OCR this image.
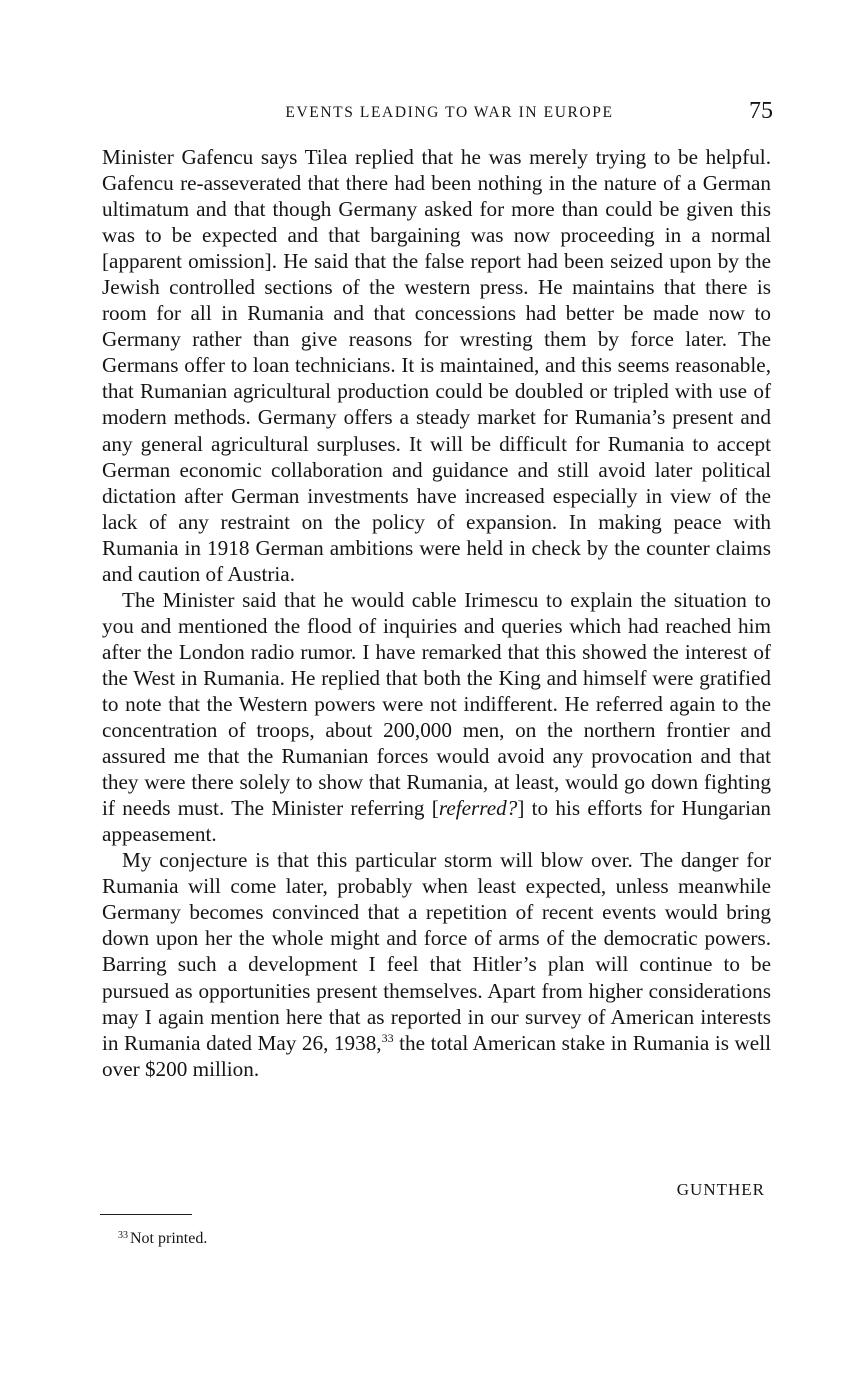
EVENTS LEADING TO WAR IN EUROPE	75

Minister Gafencu says Tilea replied that he was merely trying to be helpful. Gafencu re-asseverated that there had been nothing in the nature of a German ultimatum and that though Germany asked for more than could be given this was to be expected and that bargaining was now proceeding in a normal [apparent omission]. He said that the false report had been seized upon by the Jewish controlled sections of the western press. He maintains that there is room for all in Rumania and that concessions had better be made now to Germany rather than give reasons for wresting them by force later. The Germans offer to loan technicians. It is maintained, and this seems reasonable, that Rumanian agricultural production could be doubled or tripled with use of modern methods. Germany offers a steady market for Rumania’s present and any general agricultural surpluses. It will be difficult for Rumania to accept German economic collaboration and guidance and still avoid later political dictation after German investments have increased especially in view of the lack of any restraint on the policy of expansion. In making peace with Rumania in 1918 German ambitions were held in check by the counter claims and caution of Austria.

The Minister said that he would cable Irimescu to explain the situation to you and mentioned the flood of inquiries and queries which had reached him after the London radio rumor. I have remarked that this showed the interest of the West in Rumania. He replied that both the King and himself were gratified to note that the Western powers were not indifferent. He referred again to the concentration of troops, about 200,000 men, on the northern frontier and assured me that the Rumanian forces would avoid any provocation and that they were there solely to show that Rumania, at least, would go down fighting if needs must. The Minister referring [referred?] to his efforts for Hungarian appeasement.

My conjecture is that this particular storm will blow over. The danger for Rumania will come later, probably when least expected, unless meanwhile Germany becomes convinced that a repetition of recent events would bring down upon her the whole might and force of arms of the democratic powers. Barring such a development I feel that Hitler’s plan will continue to be pursued as opportunities present themselves. Apart from higher considerations may I again mention here that as reported in our survey of American interests in Rumania dated May 26, 1938,33 the total American stake in Rumania is well over $200 million.

GUNTHER
$^{33}$ Not printed.
